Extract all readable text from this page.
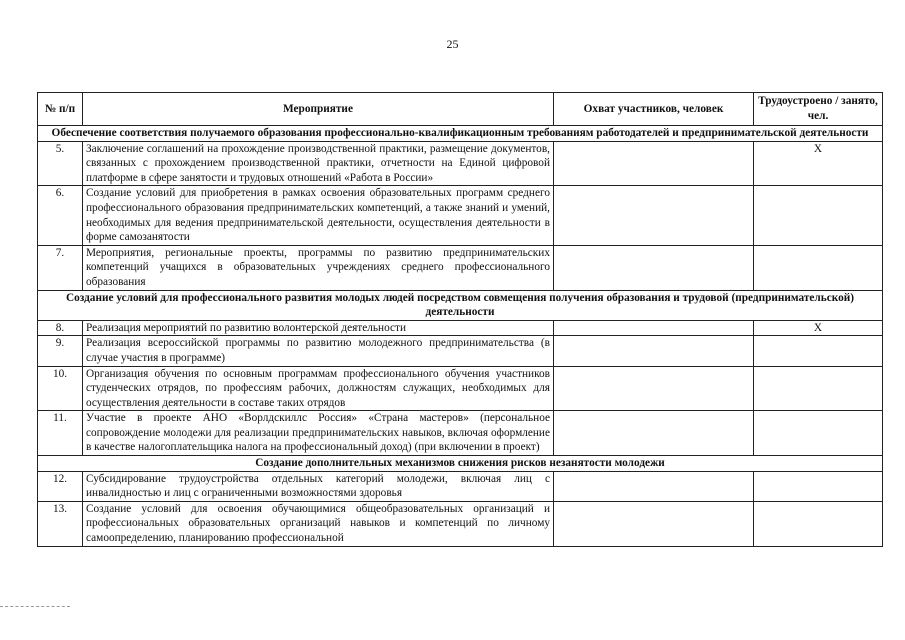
25
№ п/п	Мероприятие	Охват участников, человек	Трудоустроено / занято, чел.
Обеспечение соответствия получаемого образования профессионально-квалификационным требованиям работодателей и предпринимательской деятельности			
5.	Заключение соглашений на прохождение производственной практики, размещение документов, связанных с прохождением производственной практики, отчетности на Единой цифровой платформе в сфере занятости и трудовых отношений «Работа в России»		X
6.	Создание условий для приобретения в рамках освоения образовательных программ среднего профессионального образования предпринимательских компетенций, а также знаний и умений, необходимых для ведения предпринимательской деятельности, осуществления деятельности в форме самозанятости		
7.	Мероприятия, региональные проекты, программы по развитию предпринимательских компетенций учащихся в образовательных учреждениях среднего профессионального образования		
Создание условий для профессионального развития молодых людей посредством совмещения получения образования и трудовой (предпринимательской) деятельности			
8.	Реализация мероприятий по развитию волонтерской деятельности		X
9.	Реализация всероссийской программы по развитию молодежного предпринимательства (в случае участия в программе)		
10.	Организация обучения по основным программам профессионального обучения участников студенческих отрядов, по профессиям рабочих, должностям служащих, необходимых для осуществления деятельности в составе таких отрядов		
11.	Участие в проекте АНО «Ворлдскиллс Россия» «Страна мастеров» (персональное сопровождение молодежи для реализации предпринимательских навыков, включая оформление в качестве налогоплательщика налога на профессиональный доход) (при включении в проект)		
Создание дополнительных механизмов снижения рисков незанятости молодежи			
12.	Субсидирование трудоустройства отдельных категорий молодежи, включая лиц с инвалидностью и лиц с ограниченными возможностями здоровья		
13.	Создание условий для освоения обучающимися общеобразовательных организаций и профессиональных образовательных организаций навыков и компетенций по личному самоопределению, планированию профессиональной		
